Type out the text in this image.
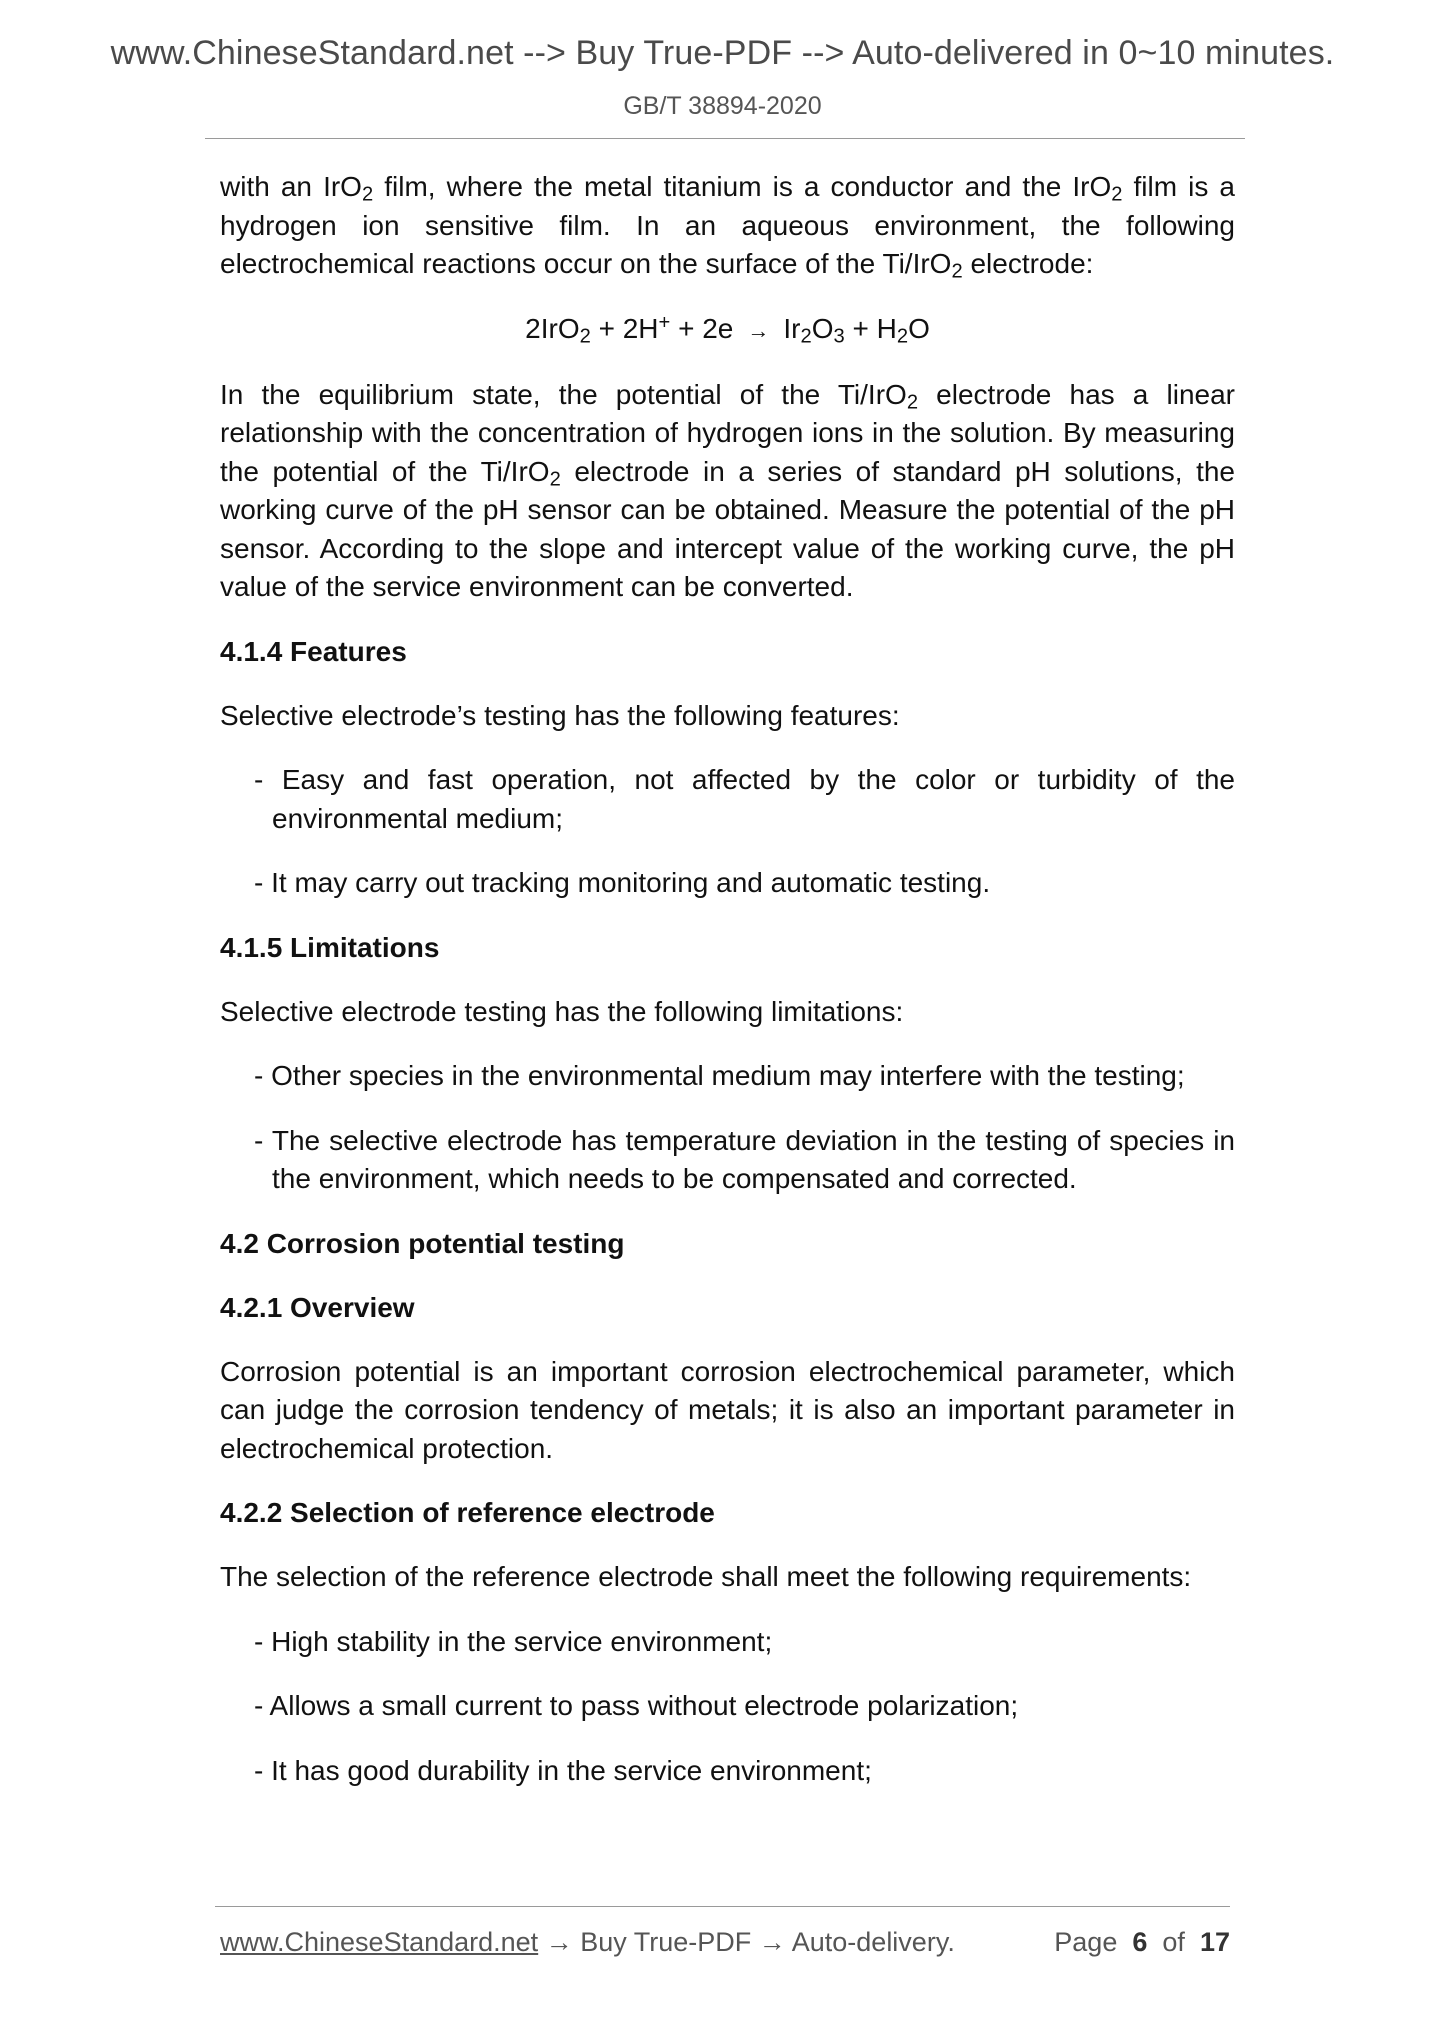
www.ChineseStandard.net --> Buy True-PDF --> Auto-delivered in 0~10 minutes.
GB/T 38894-2020

with an IrO$_2$ film, where the metal titanium is a conductor and the IrO$_2$ film is a hydrogen ion sensitive film. In an aqueous environment, the following electrochemical reactions occur on the surface of the Ti/IrO$_2$ electrode:

$2IrO_2 + 2H^+ + 2e \to Ir_2O_3 + H_2O$

In the equilibrium state, the potential of the Ti/IrO$_2$ electrode has a linear relationship with the concentration of hydrogen ions in the solution. By measuring the potential of the Ti/IrO$_2$ electrode in a series of standard pH solutions, the working curve of the pH sensor can be obtained. Measure the potential of the pH sensor. According to the slope and intercept value of the working curve, the pH value of the service environment can be converted.

4.1.4 Features

Selective electrode’s testing has the following features:

- Easy and fast operation, not affected by the color or turbidity of the environmental medium;

- It may carry out tracking monitoring and automatic testing.

4.1.5 Limitations

Selective electrode testing has the following limitations:

- Other species in the environmental medium may interfere with the testing;

- The selective electrode has temperature deviation in the testing of species in the environment, which needs to be compensated and corrected.

4.2 Corrosion potential testing
4.2.1 Overview

Corrosion potential is an important corrosion electrochemical parameter, which can judge the corrosion tendency of metals; it is also an important parameter in electrochemical protection.

4.2.2 Selection of reference electrode

The selection of the reference electrode shall meet the following requirements:

- High stability in the service environment;

- Allows a small current to pass without electrode polarization;

- It has good durability in the service environment;

www.ChineseStandard.net → Buy True-PDF → Auto-delivery.	Page 6 of 17
